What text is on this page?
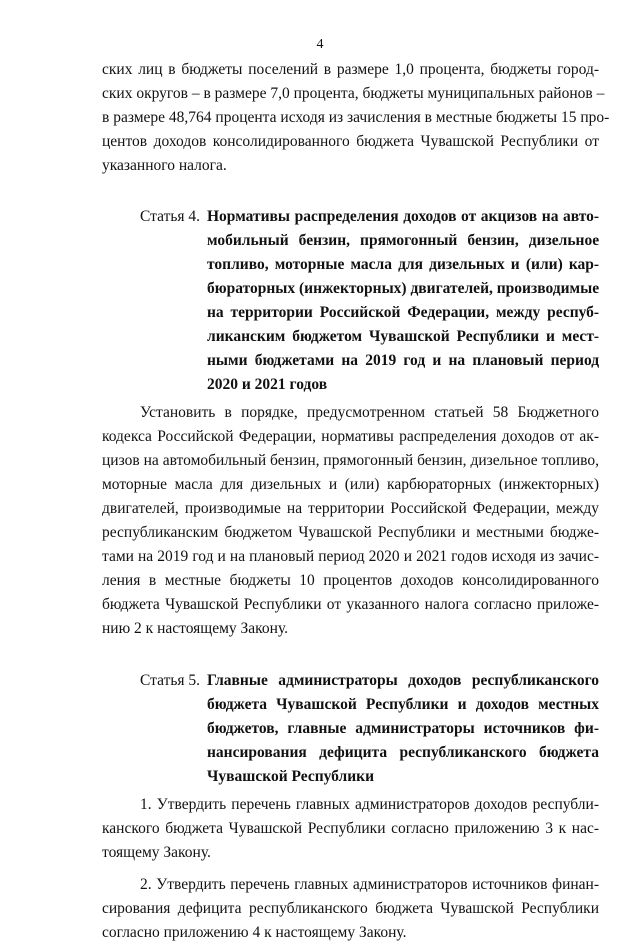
4
ских лиц в бюджеты поселений в размере 1,0 процента, бюджеты город-
ских округов – в размере 7,0 процента, бюджеты муниципальных районов –
в размере 48,764 процента исходя из зачисления в местные бюджеты 15 про-
центов доходов консолидированного бюджета Чувашской Республики от
указанного налога.
Статья 4. Нормативы распределения доходов от акцизов на авто-
мобильный бензин, прямогонный бензин, дизельное
топливо, моторные масла для дизельных и (или) кар-
бюраторных (инжекторных) двигателей, производимые
на территории Российской Федерации, между респуб-
ликанским бюджетом Чувашской Республики и мест-
ными бюджетами на 2019 год и на плановый период
2020 и 2021 годов
Установить в порядке, предусмотренном статьей 58 Бюджетного
кодекса Российской Федерации, нормативы распределения доходов от ак-
цизов на автомобильный бензин, прямогонный бензин, дизельное топливо,
моторные масла для дизельных и (или) карбюраторных (инжекторных)
двигателей, производимые на территории Российской Федерации, между
республиканским бюджетом Чувашской Республики и местными бюдже-
тами на 2019 год и на плановый период 2020 и 2021 годов исходя из зачис-
ления в местные бюджеты 10 процентов доходов консолидированного
бюджета Чувашской Республики от указанного налога согласно приложе-
нию 2 к настоящему Закону.
Статья 5. Главные администраторы доходов республиканского
бюджета Чувашской Республики и доходов местных
бюджетов, главные администраторы источников фи-
нансирования дефицита республиканского бюджета
Чувашской Республики
1. Утвердить перечень главных администраторов доходов республи-
канского бюджета Чувашской Республики согласно приложению 3 к нас-
тоящему Закону.
2. Утвердить перечень главных администраторов источников финан-
сирования дефицита республиканского бюджета Чувашской Республики
согласно приложению 4 к настоящему Закону.
